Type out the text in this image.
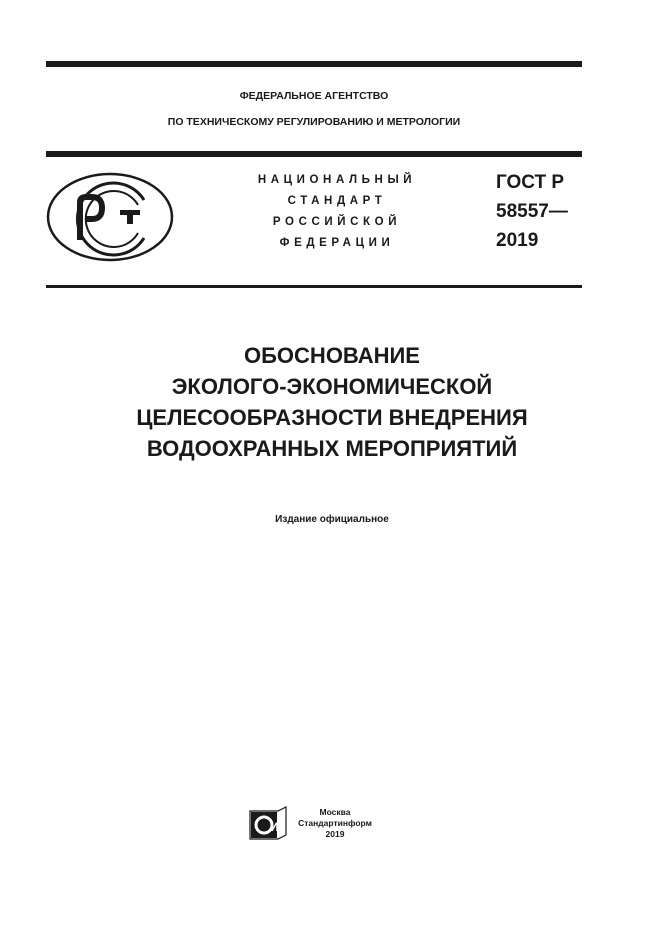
ФЕДЕРАЛЬНОЕ АГЕНТСТВО
ПО ТЕХНИЧЕСКОМУ РЕГУЛИРОВАНИЮ И МЕТРОЛОГИИ
НАЦИОНАЛЬНЫЙ
СТАНДАРТ
РОССИЙСКОЙ
ФЕДЕРАЦИИ
ГОСТ Р
58557—
2019
ОБОСНОВАНИЕ
ЭКОЛОГО-ЭКОНОМИЧЕСКОЙ
ЦЕЛЕСООБРАЗНОСТИ ВНЕДРЕНИЯ
ВОДООХРАННЫХ МЕРОПРИЯТИЙ
Издание официальное
И
Москва
Стандартинформ
2019
